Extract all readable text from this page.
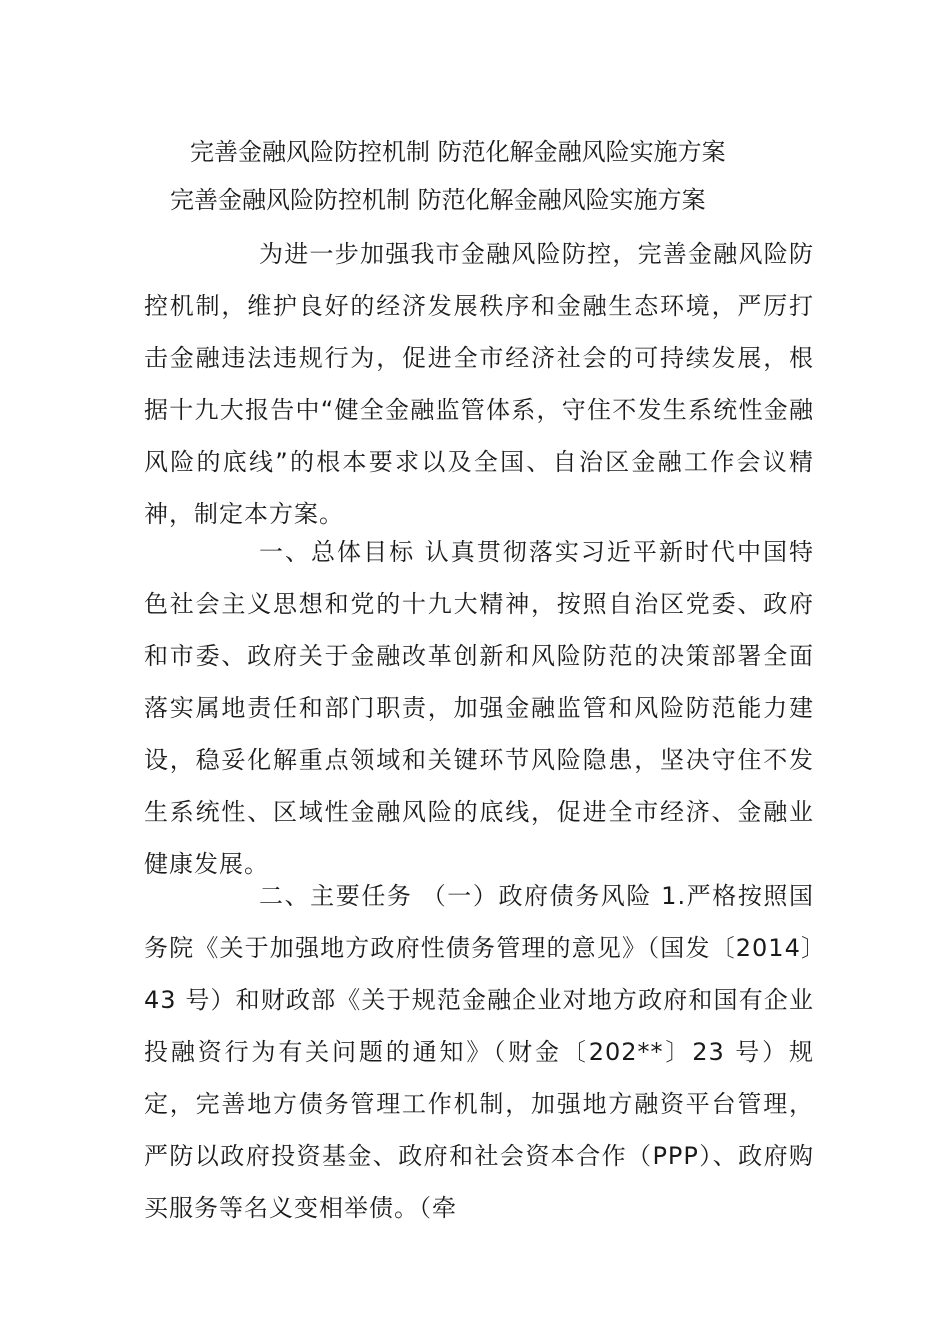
完善金融风险防控机制 防范化解金融风险实施方案
完善金融风险防控机制 防范化解金融风险实施方案

为进一步加强我市金融风险防控，完善金融风险防控机制，维护良好的经济发展秩序和金融生态环境，严厉打击金融违法违规行为，促进全市经济社会的可持续发展，根据十九大报告中“健全金融监管体系，守住不发生系统性金融风险的底线”的根本要求以及全国、自治区金融工作会议精神，制定本方案。

一、总体目标 认真贯彻落实习近平新时代中国特色社会主义思想和党的十九大精神，按照自治区党委、政府和市委、政府关于金融改革创新和风险防范的决策部署全面落实属地责任和部门职责，加强金融监管和风险防范能力建设，稳妥化解重点领域和关键环节风险隐患，坚决守住不发生系统性、区域性金融风险的底线，促进全市经济、金融业健康发展。

二、主要任务 （一）政府债务风险 1.严格按照国务院《关于加强地方政府性债务管理的意见》（国发〔2014〕43 号）和财政部《关于规范金融企业对地方政府和国有企业投融资行为有关问题的通知》（财金〔202**〕23 号）规定，完善地方债务管理工作机制，加强地方融资平台管理，严防以政府投资基金、政府和社会资本合作（PPP）、政府购买服务等名义变相举债。（牵
